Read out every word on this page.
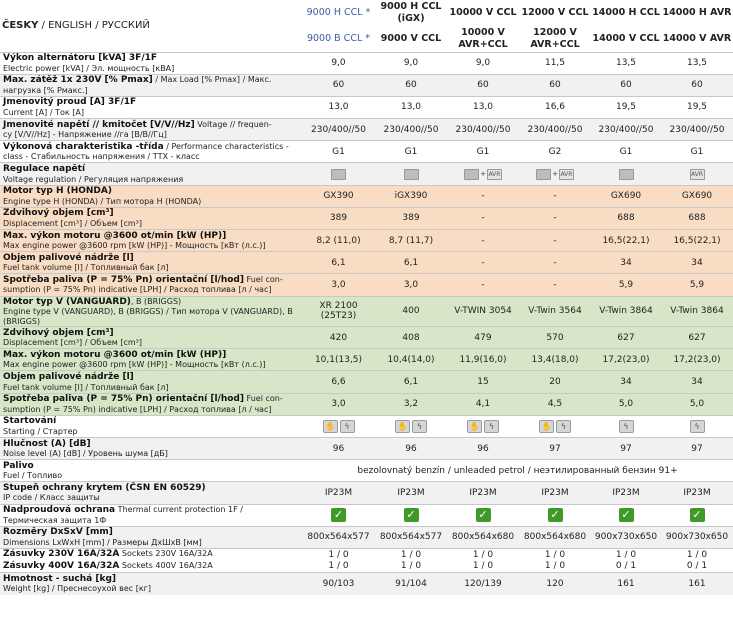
ČESKY / ENGLISH / РУССКИЙ	9000 H CCL *	9000 H CCL (iGX)	10000 V CCL	12000 V CCL	14000 H CCL	14000 H AVR
	9000 B CCL *	9000 V CCL	10000 V AVR+CCL	12000 V AVR+CCL	14000 V CCL	14000 V AVR
Výkon alternátoru [kVA] 3F/1F
Electric power [kVA] / Эл. мощность [кВА]	9,0	9,0	9,0	11,5	13,5	13,5
Max. zátěž 1x 230V [% Pmax] / Max Load [% Pmax] / Макс.
нагрузка [% Pмакс.]	60	60	60	60	60	60
Jmenovitý proud [A] 3F/1F
Current [A] / Ток [A]	13,0	13,0	13,0	16,6	19,5	19,5
Jmenovité napětí // kmitočet [V/V//Hz] Voltage // frequen-
cy [V/V//Hz] - Напряжение //га [В/В//Гц]	230/400//50	230/400//50	230/400//50	230/400//50	230/400//50	230/400//50
Výkonová charakteristika -třída / Performance characteristics -
class - Стабильность напряжения / ТТХ - класс	G1	G1	G1	G2	G1	G1
Regulace napětí
Voltage regulation / Регуляция напряжения			+ AVR	+ AVR		AVR
Motor typ H (HONDA)
Engine type H (HONDA) / Тип мотора H (HONDA)	GX390	iGX390	-	-	GX690	GX690
Zdvihový objem [cm³]
Displacement [cm³] / Объем [cm³]	389	389	-	-	688	688
Max. výkon motoru @3600 ot/min [kW (HP)]
Max engine power @3600 rpm [kW (HP)] - Мощность [кВт (л.с.)]	8,2 (11,0)	8,7 (11,7)	-	-	16,5(22,1)	16,5(22,1)
Objem palivové nádrže [l]
Fuel tank volume [l] / Топливный бак [л]	6,1	6,1	-	-	34	34
Spotřeba paliva (P = 75% Pn) orientační [l/hod] Fuel con-
sumption (P = 75% Pn) indicative [LPH] / Расход топлива [л / час]	3,0	3,0	-	-	5,9	5,9
Motor typ V (VANGUARD), B (BRIGGS)
Engine type V (VANGUARD), B (BRIGGS) / Тип мотора V (VANGUARD), B (BRIGGS)	XR 2100 (25T23)	400	V-TWIN 3054	V-Twin 3564	V-Twin 3864	V-Twin 3864
Zdvihový objem [cm³]
Displacement [cm³] / Объем [cm³]	420	408	479	570	627	627
Max. výkon motoru @3600 ot/min [kW (HP)]
Max engine power @3600 rpm [kW (HP)] - Мощность [кВт (л.с.)]	10,1(13,5)	10,4(14,0)	11,9(16,0)	13,4(18,0)	17,2(23,0)	17,2(23,0)
Objem palivové nádrže [l]
Fuel tank volume [l] / Топливный бак [л]	6,6	6,1	15	20	34	34
Spotřeba paliva (P = 75% Pn) orientační [l/hod] Fuel con-
sumption (P = 75% Pn) indicative [LPH] / Расход топлива [л / час]	3,0	3,2	4,1	4,5	5,0	5,0
Startování
Starting / Стартер	✋ ϟ	✋ ϟ	✋ ϟ	✋ ϟ	ϟ	ϟ
Hlučnost (A) [dB]
Noise level (A) [dB] / Уровень шума [дБ]	96	96	96	97	97	97
Palivo
Fuel / Топливо	bezolovnatý benzín / unleaded petrol / неэтилированный бензин 91+					
Stupeň ochrany krytem (ČSN EN 60529)
IP code / Класс защиты	IP23M	IP23M	IP23M	IP23M	IP23M	IP23M
Nadproudová ochrana Thermal current protection 1F /
Термическая защита 1Ф	✓	✓	✓	✓	✓	✓
Rozměry DxŠxV [mm]
Dimensions LxWxH [mm] / Размеры ДхШхВ [мм]	800x564x577	800x564x577	800x564x680	800x564x680	900x730x650	900x730x650
Zásuvky 230V 16A/32A Sockets 230V 16A/32A	1 / 0	1 / 0	1 / 0	1 / 0	1 / 0	1 / 0
Zásuvky 400V 16A/32A Sockets 400V 16A/32A	1 / 0	1 / 0	1 / 0	1 / 0	0 / 1	0 / 1
Hmotnost - suchá [kg]
Weight [kg] / Преснесоухой вес [кг]	90/103	91/104	120/139	120	161	161
